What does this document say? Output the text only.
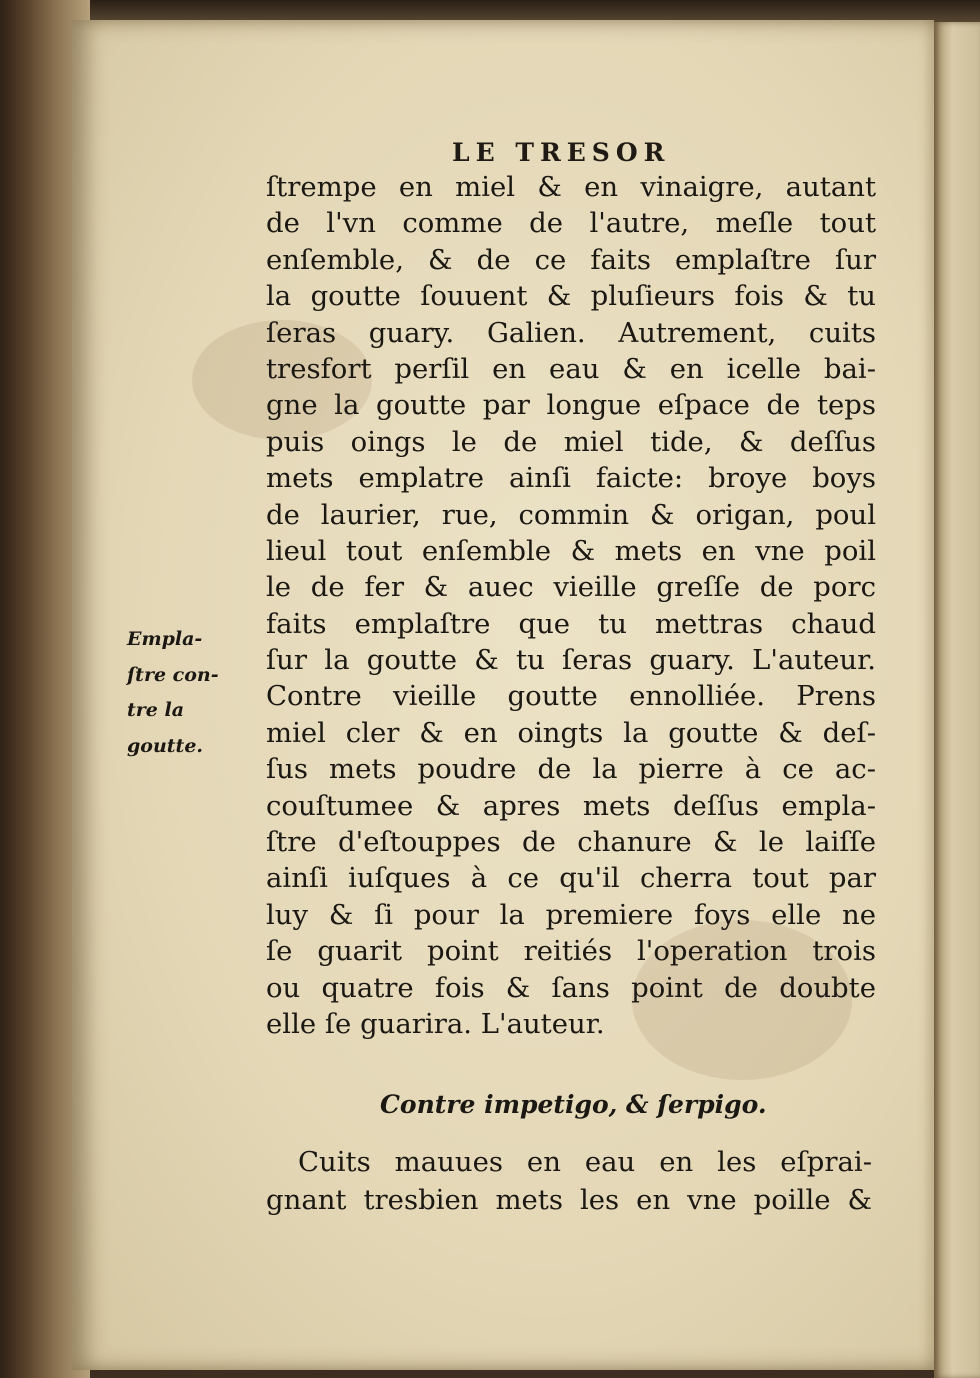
LE TRESOR
ſtrempe en miel & en vinaigre, autant
de l'vn comme de l'autre, meſle tout
enſemble, & de ce faits emplaſtre ſur
la goutte ſouuent & pluſieurs fois & tu
ſeras guary. Galien. Autrement, cuits
tresfort perſil en eau & en icelle bai-
gne la goutte par longue eſpace de teps
puis oings le de miel tide, & deſſus
mets emplatre ainſi faicte: broye boys
de laurier, rue, commin & origan, poul
lieul tout enſemble & mets en vne poil
le de fer & auec vieille greſſe de porc
faits emplaſtre que tu mettras chaud
ſur la goutte & tu ſeras guary. L'auteur.
Contre vieille goutte ennolliée. Prens
miel cler & en oingts la goutte & deſ-
ſus mets poudre de la pierre à ce ac-
couſtumee & apres mets deſſus empla-
ſtre d'eſtouppes de chanure & le laiſſe
ainſi iuſques à ce qu'il cherra tout par
luy & ſi pour la premiere foys elle ne
ſe guarit point reitiés l'operation trois
ou quatre fois & ſans point de doubte
elle ſe guarira. L'auteur.
Empla-
ſtre con-
tre la
goutte.
Contre impetigo, & ſerpigo.
Cuits mauues en eau en les eſprai-
gnant tresbien mets les en vne poille &
